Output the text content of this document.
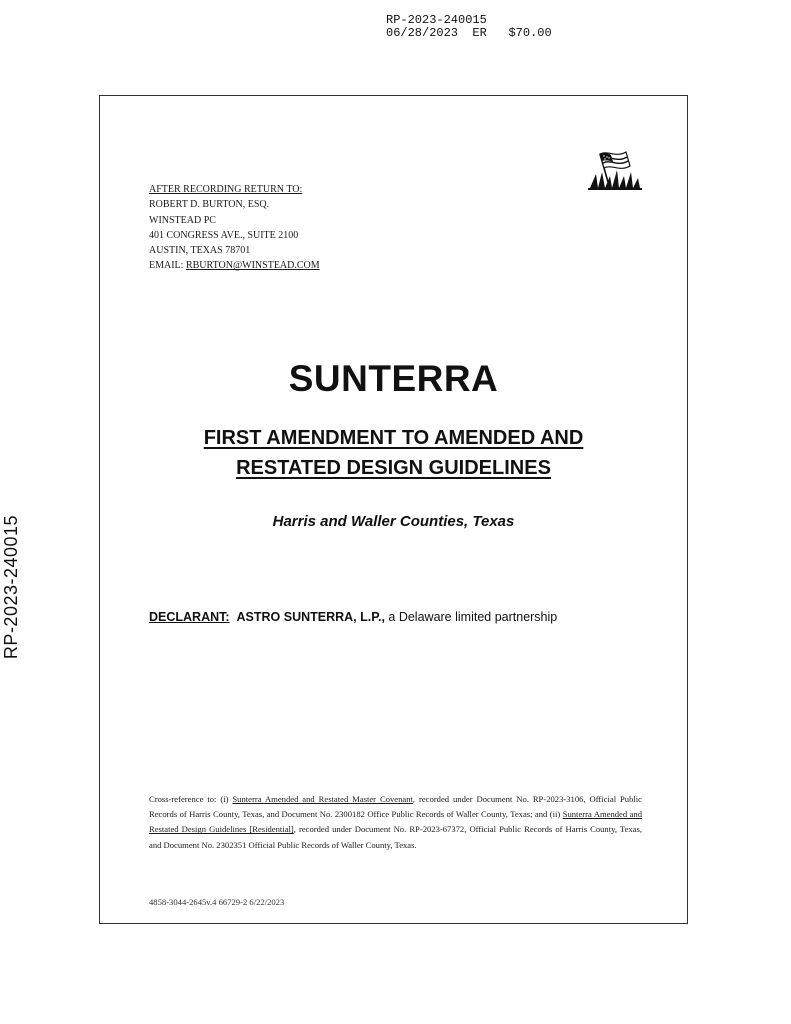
RP-2023-240015
06/28/2023 ER $70.00
RP-2023-240015
AFTER RECORDING RETURN TO:
ROBERT D. BURTON, ESQ.
WINSTEAD PC
401 CONGRESS AVE., SUITE 2100
AUSTIN, TEXAS 78701
EMAIL: RBURTON@WINSTEAD.COM
SUNTERRA
FIRST AMENDMENT TO AMENDED AND
RESTATED DESIGN GUIDELINES
Harris and Waller Counties, Texas
DECLARANT: ASTRO SUNTERRA, L.P., a Delaware limited partnership
Cross-reference to: (i) Sunterra Amended and Restated Master Covenant, recorded under Document No. RP-2023-3106, Official Public Records of Harris County, Texas, and Document No. 2300182 Office Public Records of Waller County, Texas; and (ii) Sunterra Amended and Restated Design Guidelines [Residential], recorded under Document No. RP-2023-67372, Official Public Records of Harris County, Texas, and Document No. 2302351 Official Public Records of Waller County, Texas.
4858-3044-2645v.4 66729-2 6/22/2023
